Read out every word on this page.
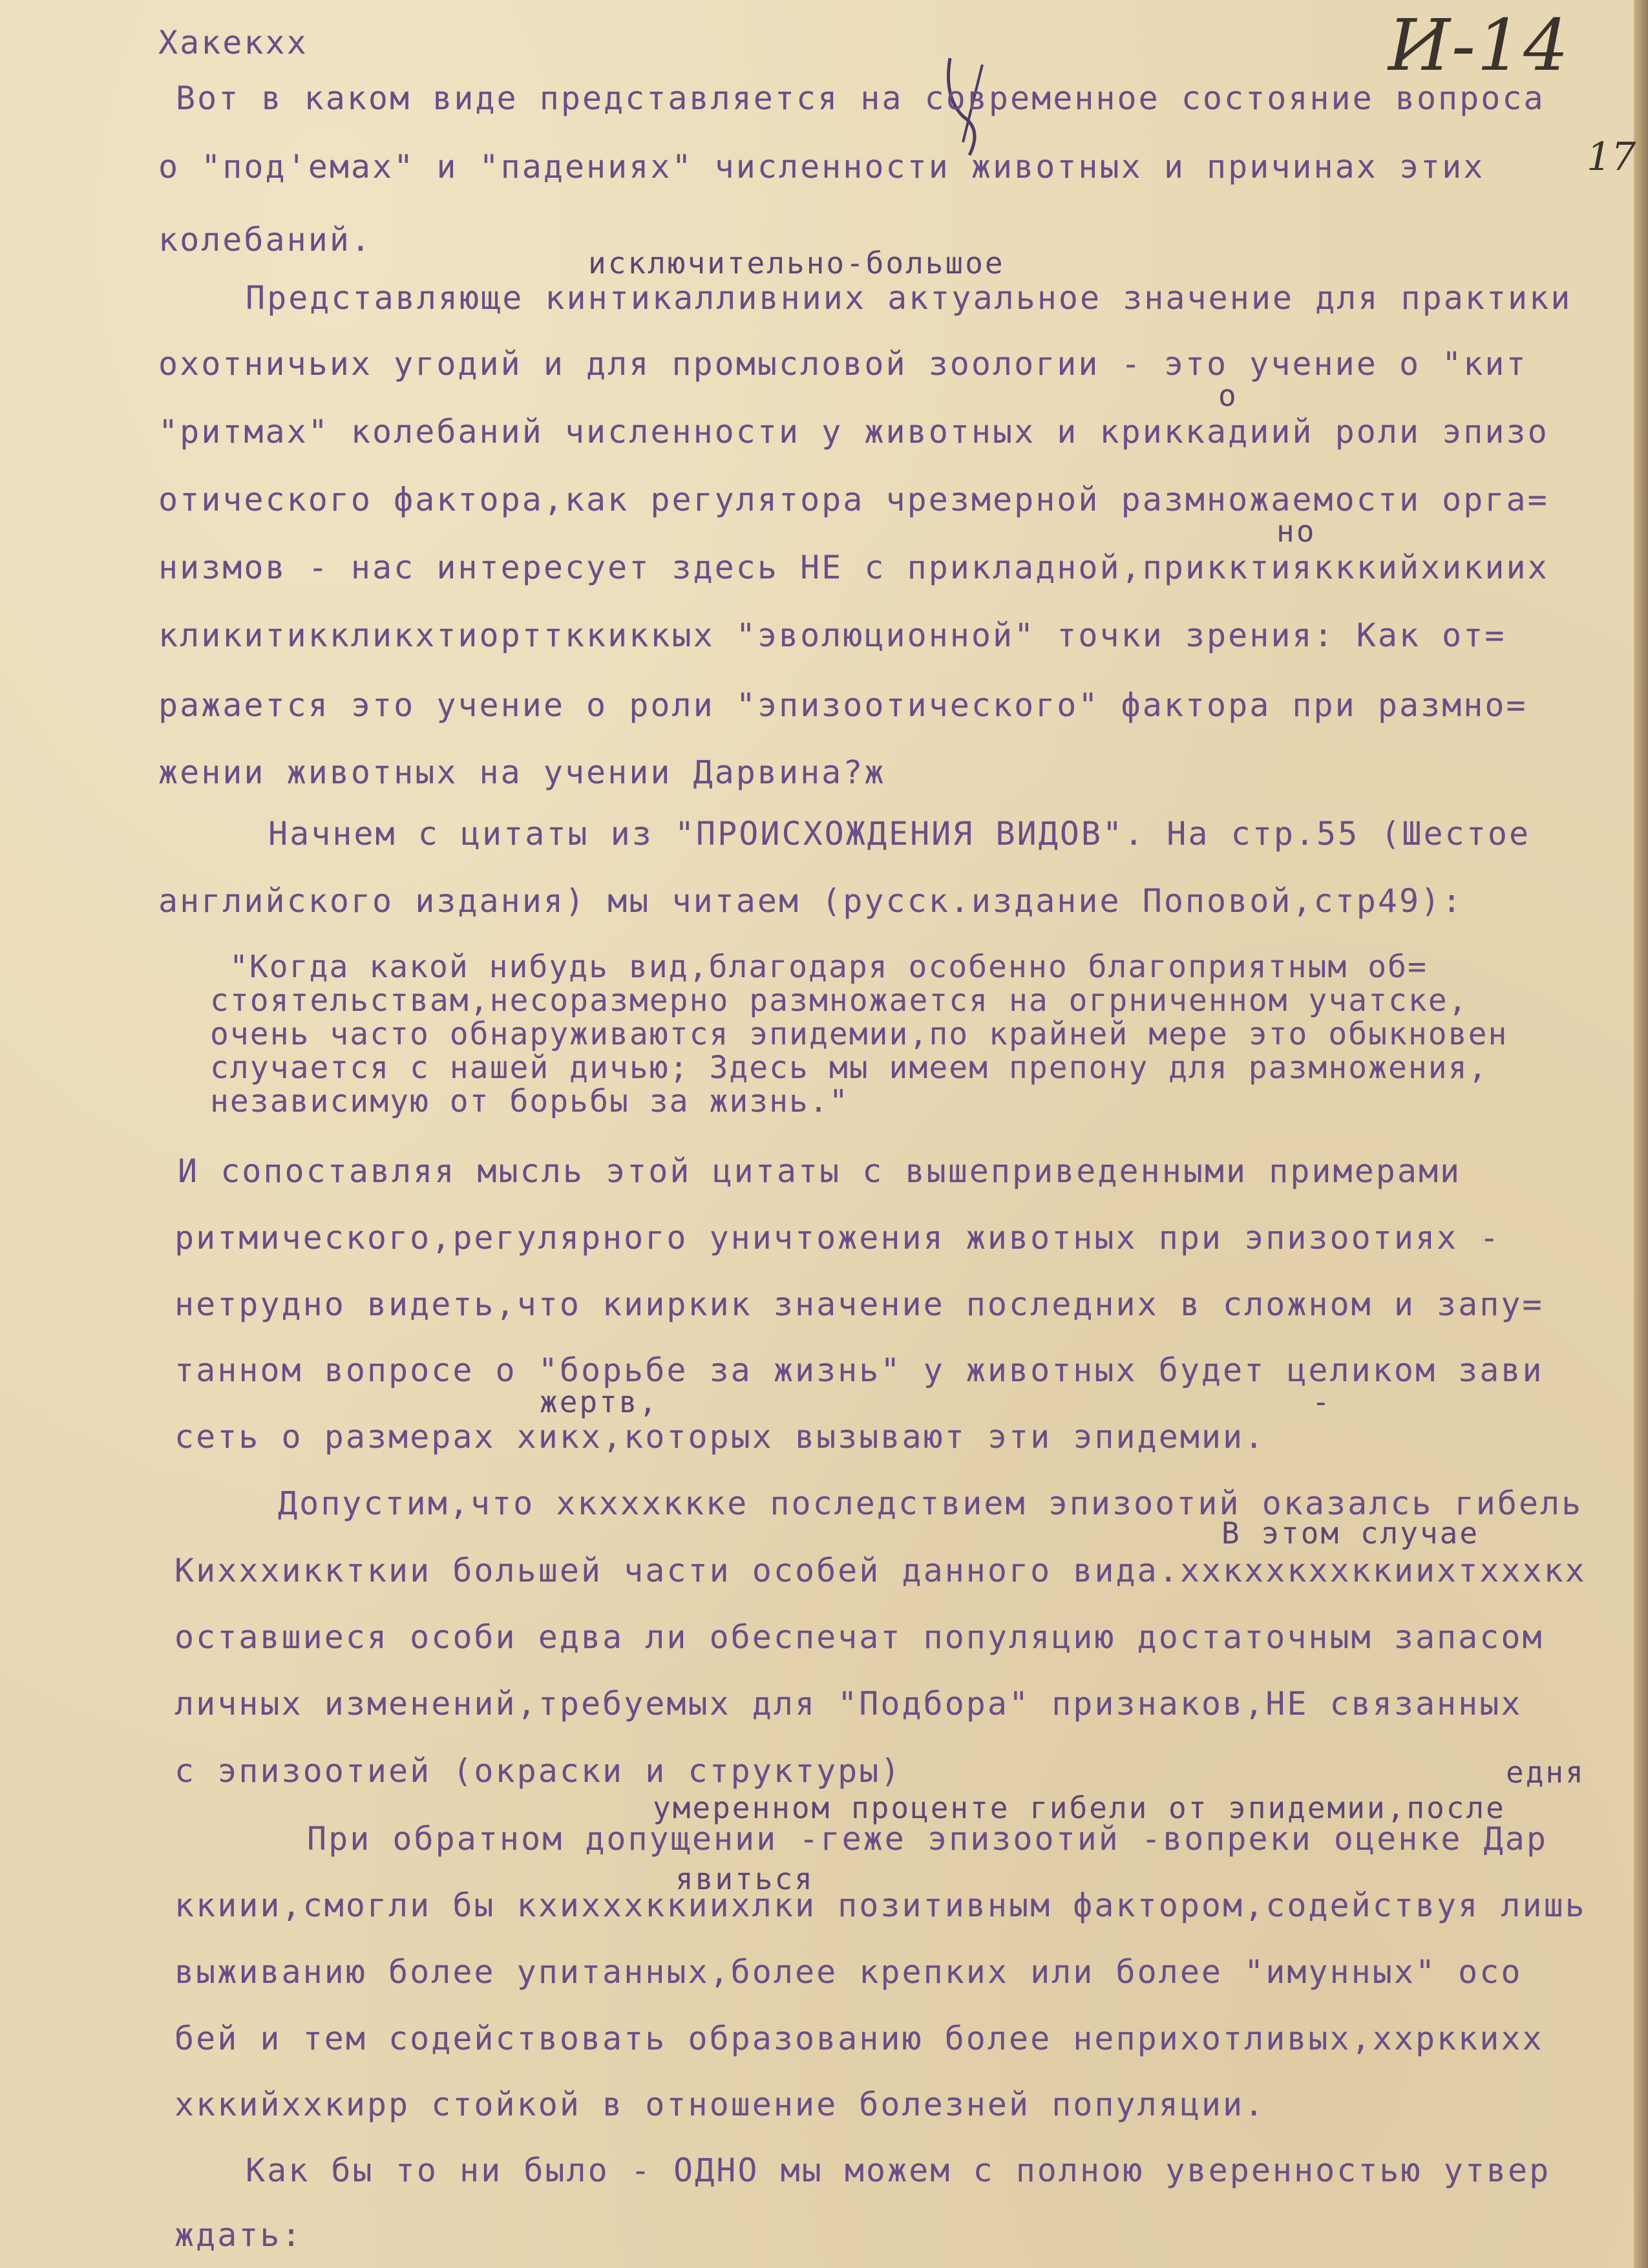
И-14
17
Хакекхх
Вот в каком виде представляется на современное состояние вопроса
о "под'емах" и "падениях" численности животных и причинах этих
колебаний.
исключительно-большое
Представляюще кинтикалливниих актуальное значение для практики
охотничьих угодий и для промысловой зоологии - это учение о "кит
о
"ритмах" колебаний численности у животных и криккадиий роли эпизо
отического фактора,как регулятора чрезмерной размножаемости орга=
но
низмов - нас интересует здесь НЕ с прикладной,прикктиякккийхикиих
кликитиккликхтиорттккиккых "эволюционной" точки зрения: Как от=
ражается это учение о роли "эпизоотического" фактора при размно=
жении животных на учении Дарвина?ж
Начнем с цитаты из "ПРОИСХОЖДЕНИЯ ВИДОВ". На стр.55 (Шестое
английского издания) мы читаем (русск.издание Поповой,стр49):
"Когда какой нибудь вид,благодаря особенно благоприятным об=
стоятельствам,несоразмерно размножается на огрниченном учатске,
очень часто обнаруживаются эпидемии,по крайней мере это обыкновен
случается с нашей дичью; Здесь мы имеем препону для размножения,
независимую от борьбы за жизнь."
И сопоставляя мысль этой цитаты с вышеприведенными примерами
ритмического,регулярного уничтожения животных при эпизоотиях -
нетрудно видеть,что кииркик значение последних в сложном и запу=
танном вопросе о "борьбе за жизнь" у животных будет целиком зави
жертв,	-
сеть о размерах хикх,которых вызывают эти эпидемии.
Допустим,что хкхххккке последствием эпизоотий оказалсь гибель
В этом случае
Кихххиккткии большей части особей данного вида.ххкххкххккиихтхххкх
оставшиеся особи едва ли обеспечат популяцию достаточным запасом
личных изменений,требуемых для "Подбора" признаков,НЕ связанных
с эпизоотией (окраски и структуры)	едня
умеренном проценте гибели от эпидемии,после
При обратном допущении -геже эпизоотий -вопреки оценке Дар
явиться
ккиии,смогли бы кхихххккиихлки позитивным фактором,содействуя лишь
выживанию более упитанных,более крепких или более "имунных" осо
бей и тем содействовать образованию более неприхотливых,ххрккихх
хккийххкирр стойкой в отношение болезней популяции.
Как бы то ни было - ОДНО мы можем с полною уверенностью утвер
ждать:
